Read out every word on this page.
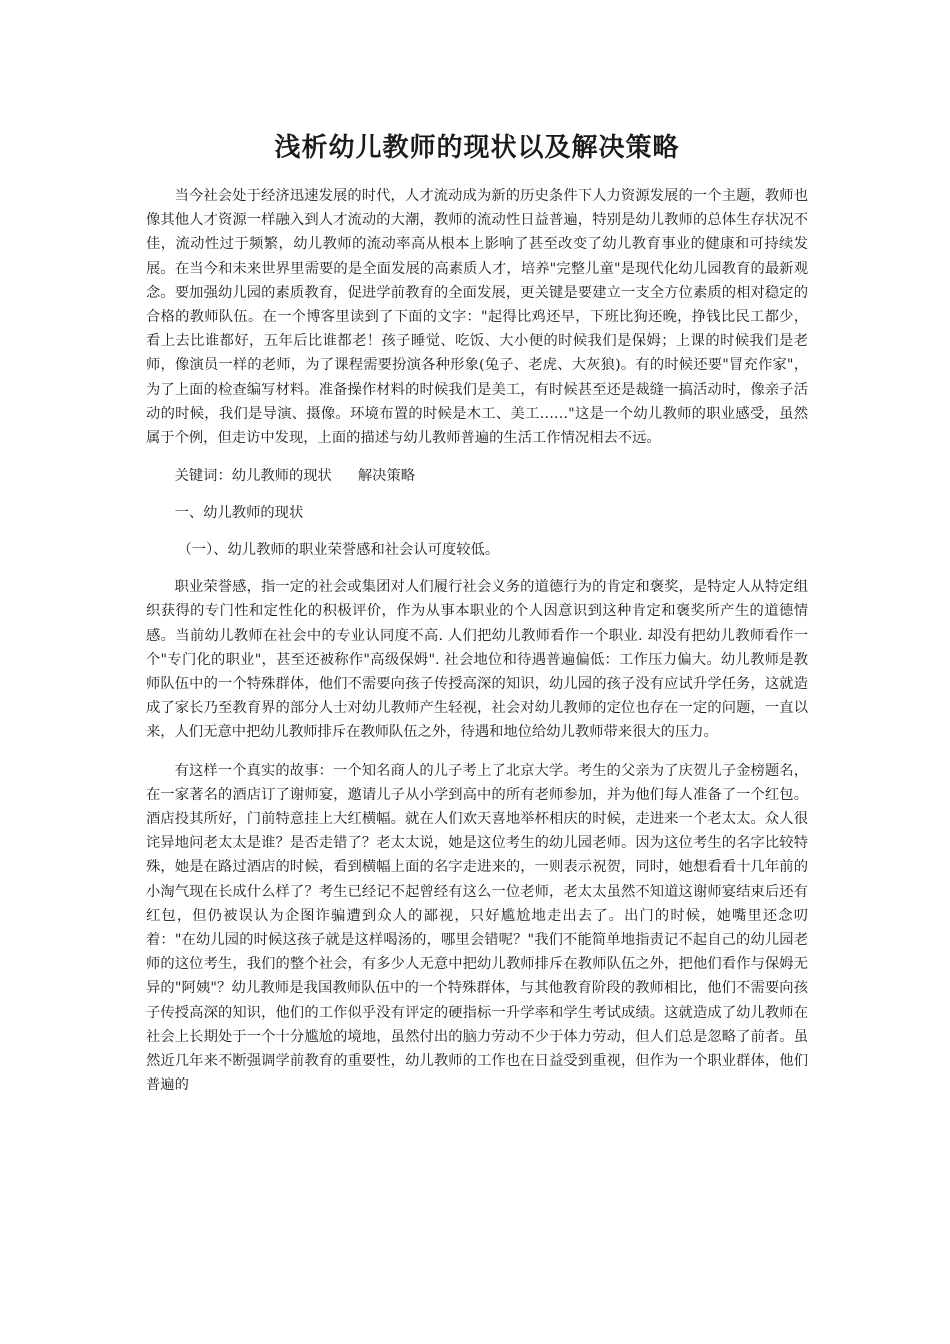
浅析幼儿教师的现状以及解决策略

当今社会处于经济迅速发展的时代，人才流动成为新的历史条件下人力资源发展的一个主题，教师也像其他人才资源一样融入到人才流动的大潮，教师的流动性日益普遍，特别是幼儿教师的总体生存状况不佳，流动性过于频繁，幼儿教师的流动率高从根本上影响了甚至改变了幼儿教育事业的健康和可持续发展。在当今和未来世界里需要的是全面发展的高素质人才，培养"完整儿童"是现代化幼儿园教育的最新观念。要加强幼儿园的素质教育，促进学前教育的全面发展，更关键是要建立一支全方位素质的相对稳定的合格的教师队伍。在一个博客里读到了下面的文字："起得比鸡还早，下班比狗还晚，挣钱比民工都少，看上去比谁都好，五年后比谁都老！孩子睡觉、吃饭、大小便的时候我们是保姆；上课的时候我们是老师，像演员一样的老师，为了课程需要扮演各种形象(兔子、老虎、大灰狼)。有的时候还要"冒充作家"，为了上面的检查编写材料。准备操作材料的时候我们是美工，有时候甚至还是裁缝一搞活动时，像亲子活动的时候，我们是导演、摄像。环境布置的时候是木工、美工……"这是一个幼儿教师的职业感受，虽然属于个例，但走访中发现，上面的描述与幼儿教师普遍的生活工作情况相去不远。

关键词：幼儿教师的现状 解决策略

一、幼儿教师的现状

（一）、幼儿教师的职业荣誉感和社会认可度较低。

职业荣誉感，指一定的社会或集团对人们履行社会义务的道德行为的肯定和褒奖，是特定人从特定组织获得的专门性和定性化的积极评价，作为从事本职业的个人因意识到这种肯定和褒奖所产生的道德情感。当前幼儿教师在社会中的专业认同度不高. 人们把幼儿教师看作一个职业. 却没有把幼儿教师看作一个"专门化的职业"，甚至还被称作"高级保姆". 社会地位和待遇普遍偏低：工作压力偏大。幼儿教师是教师队伍中的一个特殊群体，他们不需要向孩子传授高深的知识，幼儿园的孩子没有应试升学任务，这就造成了家长乃至教育界的部分人士对幼儿教师产生轻视，社会对幼儿教师的定位也存在一定的问题，一直以来，人们无意中把幼儿教师排斥在教师队伍之外，待遇和地位给幼儿教师带来很大的压力。

有这样一个真实的故事：一个知名商人的儿子考上了北京大学。考生的父亲为了庆贺儿子金榜题名，在一家著名的酒店订了谢师宴，邀请儿子从小学到高中的所有老师参加，并为他们每人准备了一个红包。酒店投其所好，门前特意挂上大红横幅。就在人们欢天喜地举杯相庆的时候，走进来一个老太太。众人很诧异地问老太太是谁？是否走错了？老太太说，她是这位考生的幼儿园老师。因为这位考生的名字比较特殊，她是在路过酒店的时候，看到横幅上面的名字走进来的，一则表示祝贺，同时，她想看看十几年前的小淘气现在长成什么样了？考生已经记不起曾经有这么一位老师，老太太虽然不知道这谢师宴结束后还有红包，但仍被误认为企图诈骗遭到众人的鄙视，只好尴尬地走出去了。出门的时候，她嘴里还念叨着："在幼儿园的时候这孩子就是这样喝汤的，哪里会错呢？"我们不能简单地指责记不起自己的幼儿园老师的这位考生，我们的整个社会，有多少人无意中把幼儿教师排斥在教师队伍之外，把他们看作与保姆无异的"阿姨"？幼儿教师是我国教师队伍中的一个特殊群体，与其他教育阶段的教师相比，他们不需要向孩子传授高深的知识，他们的工作似乎没有评定的硬指标一升学率和学生考试成绩。这就造成了幼儿教师在社会上长期处于一个十分尴尬的境地，虽然付出的脑力劳动不少于体力劳动，但人们总是忽略了前者。虽然近几年来不断强调学前教育的重要性，幼儿教师的工作也在日益受到重视，但作为一个职业群体，他们普遍的
